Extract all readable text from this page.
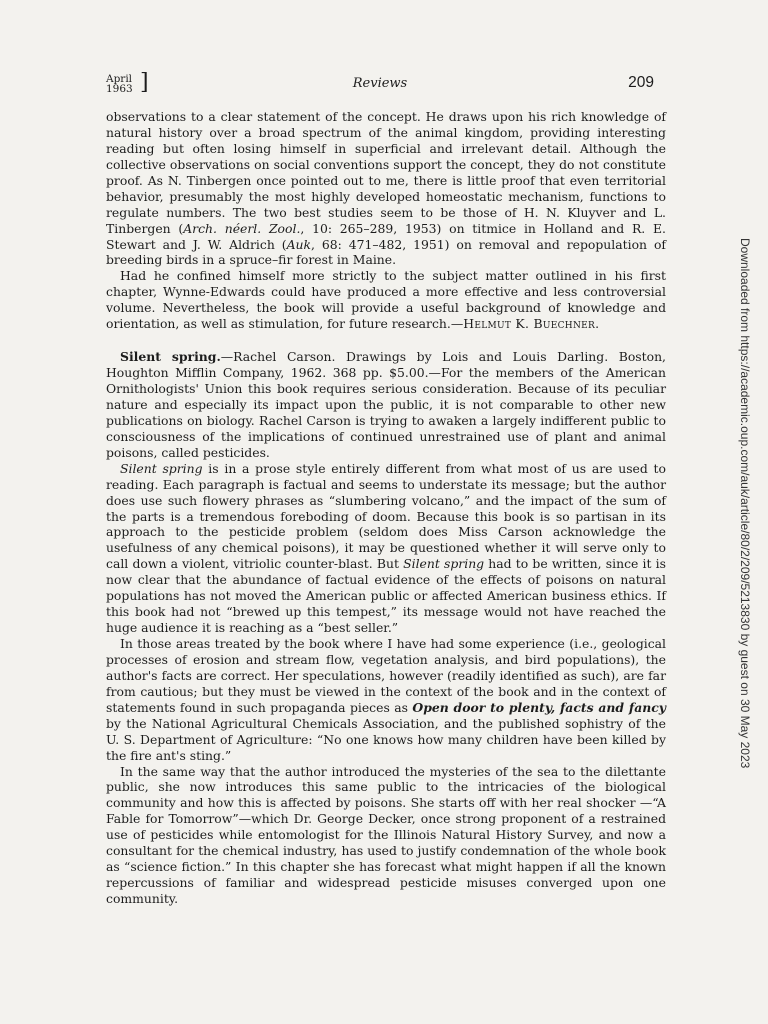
April
1963 ]	Reviews	209

observations to a clear statement of the concept. He draws upon his rich knowledge of natural history over a broad spectrum of the animal kingdom, providing interesting reading but often losing himself in superficial and irrelevant detail. Although the collective observations on social conventions support the concept, they do not constitute proof. As N. Tinbergen once pointed out to me, there is little proof that even territorial behavior, presumably the most highly developed homeostatic mechanism, functions to regulate numbers. The two best studies seem to be those of H. N. Kluyver and L. Tinbergen (Arch. néerl. Zool., 10: 265–289, 1953) on titmice in Holland and R. E. Stewart and J. W. Aldrich (Auk, 68: 471–482, 1951) on removal and repopulation of breeding birds in a spruce–fir forest in Maine.

Had he confined himself more strictly to the subject matter outlined in his first chapter, Wynne-Edwards could have produced a more effective and less controversial volume. Nevertheless, the book will provide a useful background of knowledge and orientation, as well as stimulation, for future research.—Helmut K. Buechner.

Silent spring.—Rachel Carson. Drawings by Lois and Louis Darling. Boston, Houghton Mifflin Company, 1962. 368 pp. $5.00.—For the members of the American Ornithologists' Union this book requires serious consideration. Because of its peculiar nature and especially its impact upon the public, it is not comparable to other new publications on biology. Rachel Carson is trying to awaken a largely indifferent public to consciousness of the implications of continued unrestrained use of plant and animal poisons, called pesticides.

Silent spring is in a prose style entirely different from what most of us are used to reading. Each paragraph is factual and seems to understate its message; but the author does use such flowery phrases as “slumbering volcano,” and the impact of the sum of the parts is a tremendous foreboding of doom. Because this book is so partisan in its approach to the pesticide problem (seldom does Miss Carson acknowledge the usefulness of any chemical poisons), it may be questioned whether it will serve only to call down a violent, vitriolic counter-blast. But Silent spring had to be written, since it is now clear that the abundance of factual evidence of the effects of poisons on natural populations has not moved the American public or affected American business ethics. If this book had not “brewed up this tempest,” its message would not have reached the huge audience it is reaching as a “best seller.”

In those areas treated by the book where I have had some experience (i.e., geological processes of erosion and stream flow, vegetation analysis, and bird populations), the author's facts are correct. Her speculations, however (readily identified as such), are far from cautious; but they must be viewed in the context of the book and in the context of statements found in such propaganda pieces as Open door to plenty, facts and fancy by the National Agricultural Chemicals Association, and the published sophistry of the U. S. Department of Agriculture: “No one knows how many children have been killed by the fire ant's sting.”

In the same way that the author introduced the mysteries of the sea to the dilettante public, she now introduces this same public to the intricacies of the biological community and how this is affected by poisons. She starts off with her real shocker —“A Fable for Tomorrow”—which Dr. George Decker, once strong proponent of a restrained use of pesticides while entomologist for the Illinois Natural History Survey, and now a consultant for the chemical industry, has used to justify condemnation of the whole book as “science fiction.” In this chapter she has forecast what might happen if all the known repercussions of familiar and widespread pesticide misuses converged upon one community.

Downloaded from https://academic.oup.com/auk/article/80/2/209/5213830 by guest on 30 May 2023
